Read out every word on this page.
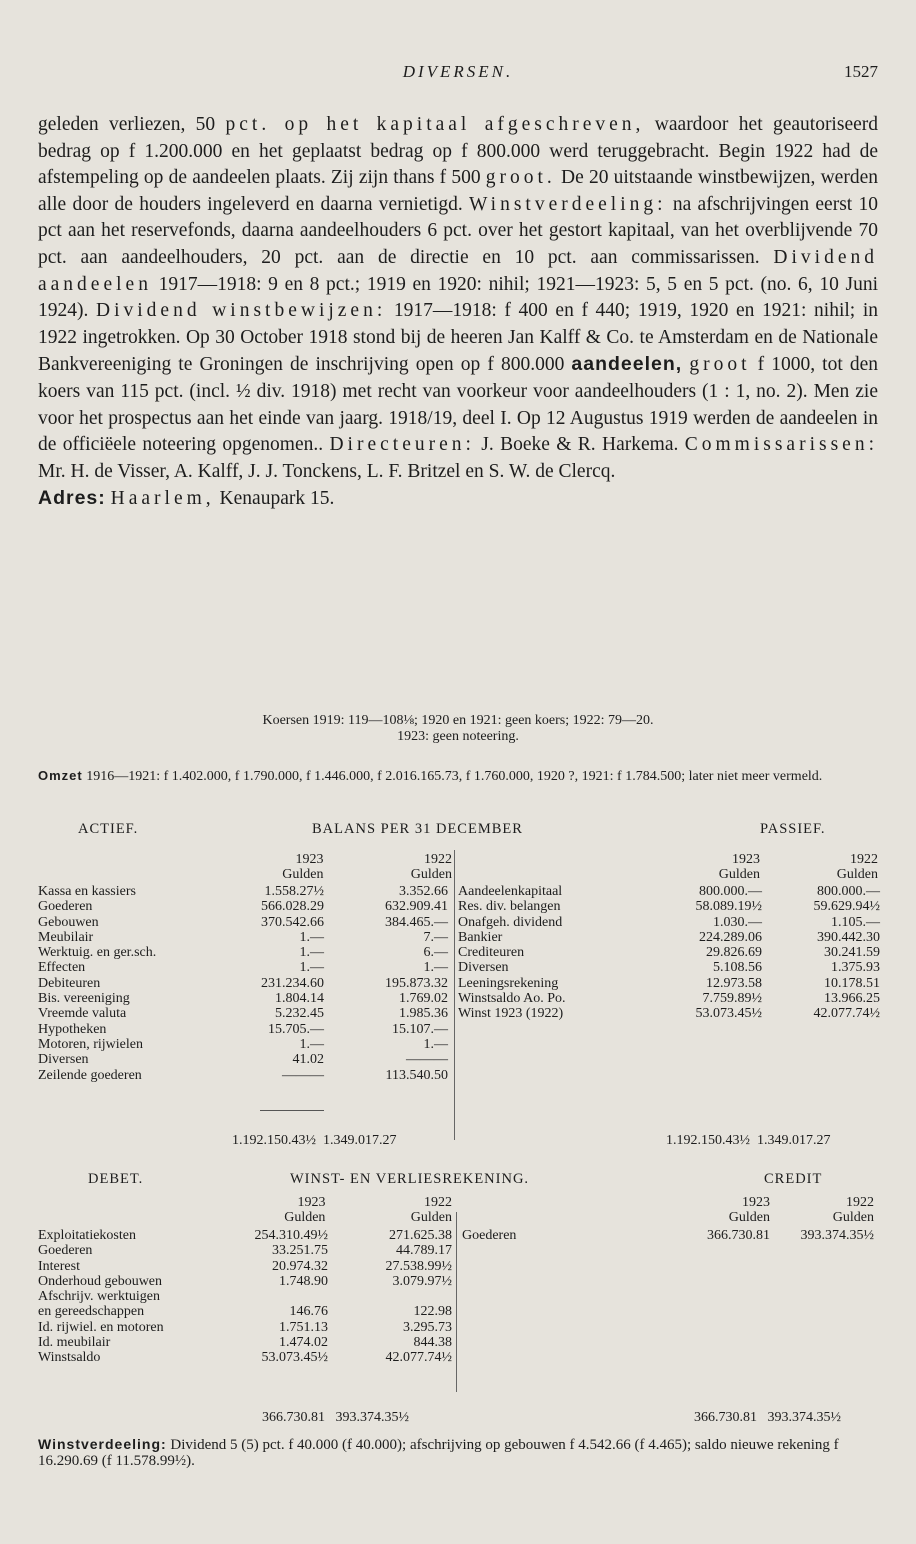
DIVERSEN.	1527

geleden verliezen, 50 pct. op het kapitaal afgeschreven, waardoor het geautoriseerd bedrag op f 1.200.000 en het geplaatst bedrag op f 800.000 werd teruggebracht. Begin 1922 had de afstempeling op de aandeelen plaats. Zij zijn thans f 500 groot. De 20 uitstaande winstbewijzen, werden alle door de houders ingeleverd en daarna vernietigd. Winstverdeeling: na afschrijvingen eerst 10 pct aan het reservefonds, daarna aandeelhouders 6 pct. over het gestort kapitaal, van het overblijvende 70 pct. aan aandeelhouders, 20 pct. aan de directie en 10 pct. aan commissarissen. Dividend aandeelen 1917—1918: 9 en 8 pct.; 1919 en 1920: nihil; 1921—1923: 5, 5 en 5 pct. (no. 6, 10 Juni 1924). Dividend winstbewijzen: 1917—1918: f 400 en f 440; 1919, 1920 en 1921: nihil; in 1922 ingetrokken. Op 30 October 1918 stond bij de heeren Jan Kalff & Co. te Amsterdam en de Nationale Bankvereeniging te Groningen de inschrijving open op f 800.000 aandeelen, groot f 1000, tot den koers van 115 pct. (incl. ½ div. 1918) met recht van voorkeur voor aandeelhouders (1 : 1, no. 2). Men zie voor het prospectus aan het einde van jaarg. 1918/19, deel I. Op 12 Augustus 1919 werden de aandeelen in de officiëele noteering opgenomen.. Directeuren: J. Boeke & R. Harkema. Commissarissen: Mr. H. de Visser, A. Kalff, J. J. Tonckens, L. F. Britzel en S. W. de Clercq.

Adres: Haarlem, Kenaupark 15.

Koersen 1919: 119—108⅛; 1920 en 1921: geen koers; 1922: 79—20.
1923: geen noteering.
Omzet 1916—1921: f 1.402.000, f 1.790.000, f 1.446.000, f 2.016.165.73, f 1.760.000, 1920 ?, 1921: f 1.784.500; later niet meer vermeld.
ACTIEF.	BALANS PER 31 DECEMBER	PASSIEF.
1923	1922
Gulden	Gulden
1923	1922
Gulden	Gulden
Kassa en kassiers	1.558.27½	3.352.66
Goederen	566.028.29	632.909.41
Gebouwen	370.542.66	384.465.—
Meubilair	1.—	7.—
Werktuig. en ger.sch.	1.—	6.—
Effecten	1.—	1.—
Debiteuren	231.234.60	195.873.32
Bis. vereeniging	1.804.14	1.769.02
Vreemde valuta	5.232.45	1.985.36
Hypotheken	15.705.—	15.107.—
Motoren, rijwielen	1.—	1.—
Diversen	41.02	———
Zeilende goederen	———	113.540.50
Aandeelenkapitaal	800.000.—	800.000.—
Res. div. belangen	58.089.19½	59.629.94½
Onafgeh. dividend	1.030.—	1.105.—
Bankier	224.289.06	390.442.30
Crediteuren	29.826.69	30.241.59
Diversen	5.108.56	1.375.93
Leeningsrekening	12.973.58	10.178.51
Winstsaldo Ao. Po.	7.759.89½	13.966.25
Winst 1923 (1922)	53.073.45½	42.077.74½
1.192.150.43½ 1.349.017.27	1.192.150.43½ 1.349.017.27
DEBET.	WINST- EN VERLIESREKENING.	CREDIT
1923	1922
Gulden	Gulden
1923	1922
Gulden	Gulden
Exploitatiekosten	254.310.49½	271.625.38
Goederen	33.251.75	44.789.17
Interest	20.974.32	27.538.99½
Onderhoud gebouwen	1.748.90	3.079.97½
Afschrijv. werktuigen		
en gereedschappen	146.76	122.98
Id. rijwiel. en motoren	1.751.13	3.295.73
Id. meubilair	1.474.02	844.38
Winstsaldo	53.073.45½	42.077.74½
Goederen	366.730.81	393.374.35½
366.730.81 393.374.35½	366.730.81 393.374.35½
Winstverdeeling: Dividend 5 (5) pct. f 40.000 (f 40.000); afschrijving op gebouwen f 4.542.66 (f 4.465); saldo nieuwe rekening f 16.290.69 (f 11.578.99½).
